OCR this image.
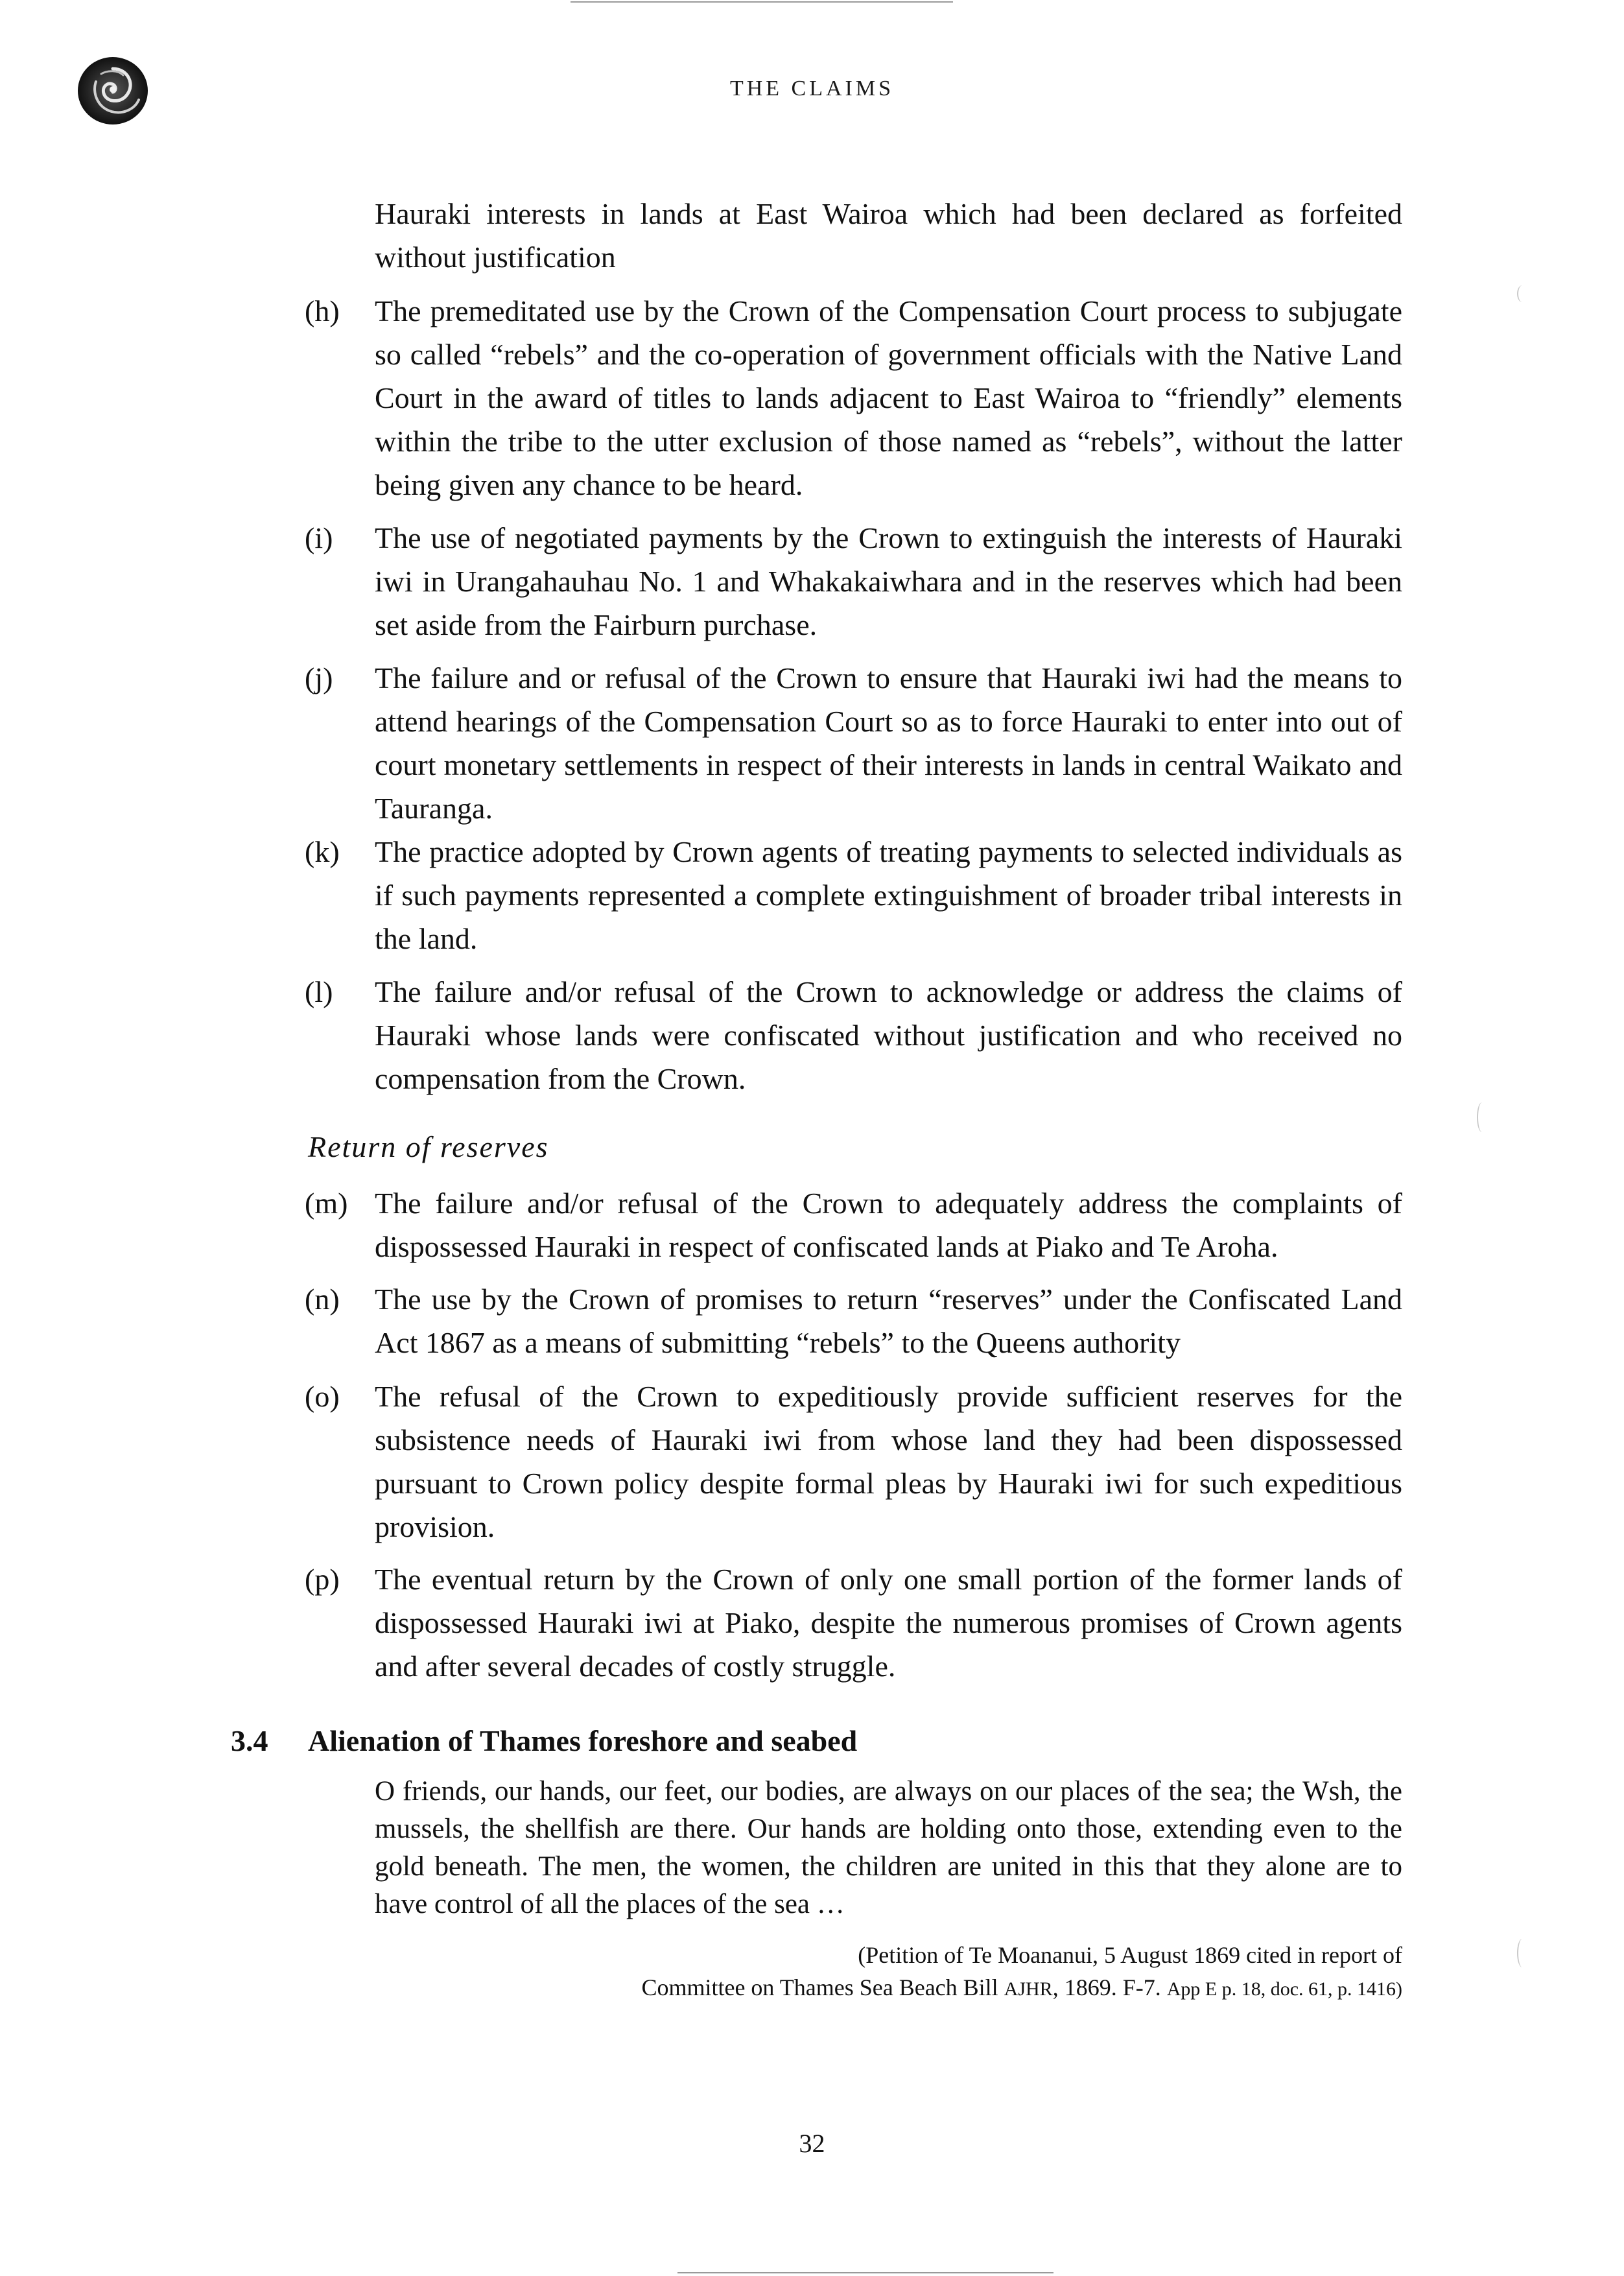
THE CLAIMS
Hauraki interests in lands at East Wairoa which had been declared as forfeited without justification
(h)	The premeditated use by the Crown of the Compensation Court process to subjugate so called “rebels” and the co-operation of government officials with the Native Land Court in the award of titles to lands adjacent to East Wairoa to “friendly” elements within the tribe to the utter exclusion of those named as “rebels”, without the latter being given any chance to be heard.
(i)	The use of negotiated payments by the Crown to extinguish the interests of Hauraki iwi in Urangahauhau No. 1 and Whakakaiwhara and in the reserves which had been set aside from the Fairburn purchase.
(j)	The failure and or refusal of the Crown to ensure that Hauraki iwi had the means to attend hearings of the Compensation Court so as to force Hauraki to enter into out of court monetary settlements in respect of their interests in lands in central Waikato and Tauranga.
(k)	The practice adopted by Crown agents of treating payments to selected individuals as if such payments represented a complete extinguishment of broader tribal interests in the land.
(l)	The failure and/or refusal of the Crown to acknowledge or address the claims of Hauraki whose lands were confiscated without justification and who received no compensation from the Crown.
Return of reserves
(m) The failure and/or refusal of the Crown to adequately address the complaints of dispossessed Hauraki in respect of confiscated lands at Piako and Te Aroha.
(n)	The use by the Crown of promises to return “reserves” under the Confiscated Land Act 1867 as a means of submitting “rebels” to the Queens authority
(o)	The refusal of the Crown to expeditiously provide sufficient reserves for the subsistence needs of Hauraki iwi from whose land they had been dispossessed pursuant to Crown policy despite formal pleas by Hauraki iwi for such expeditious provision.
(p)	The eventual return by the Crown of only one small portion of the former lands of dispossessed Hauraki iwi at Piako, despite the numerous promises of Crown agents and after several decades of costly struggle.
3.4 Alienation of Thames foreshore and seabed
O friends, our hands, our feet, our bodies, are always on our places of the sea; the Wsh, the mussels, the shellfish are there. Our hands are holding onto those, extending even to the gold beneath. The men, the women, the children are united in this that they alone are to have control of all the places of the sea …
(Petition of Te Moananui, 5 August 1869 cited in report of
Committee on Thames Sea Beach Bill AJHR, 1869. F-7. App E p. 18, doc. 61, p. 1416)
32
